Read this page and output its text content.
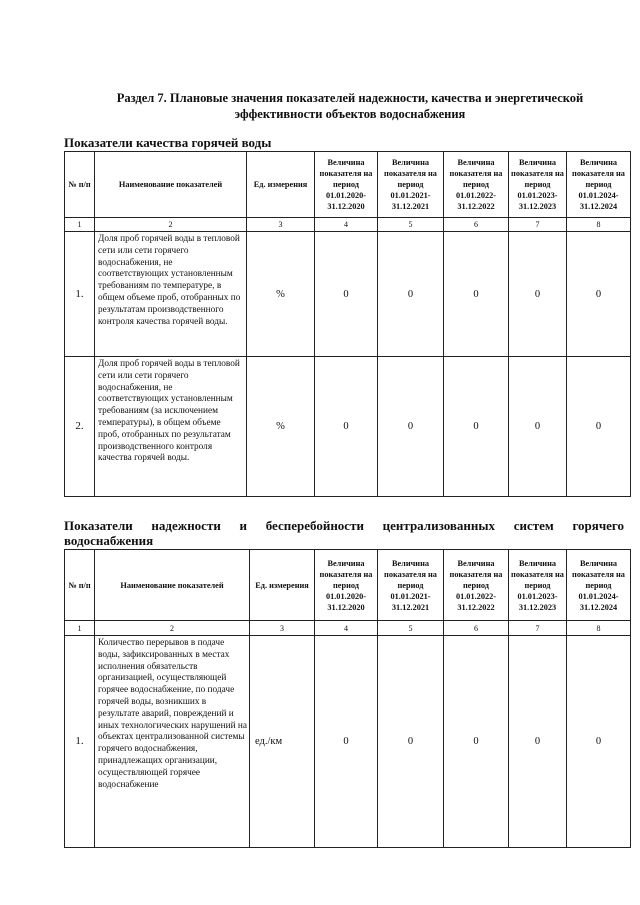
Раздел 7. Плановые значения показателей надежности, качества и энергетической
эффективности объектов водоснабжения
Показатели качества горячей воды
№ п/п	Наименование показателей	Ед. измерения	Величина показателя на период 01.01.2020-31.12.2020	Величина показателя на период 01.01.2021-31.12.2021	Величина показателя на период 01.01.2022-31.12.2022	Величина показателя на период 01.01.2023-31.12.2023	Величина показателя на период 01.01.2024-31.12.2024
1	2	3	4	5	6	7	8
1.	Доля проб горячей воды в тепловой сети или сети горячего водоснабжения, не соответствующих установленным требованиям по температуре, в общем объеме проб, отобранных по результатам производственного контроля качества горячей воды.	%	0	0	0	0	0
2.	Доля проб горячей воды в тепловой сети или сети горячего водоснабжения, не соответствующих установленным требованиям (за исключением температуры), в общем объеме проб, отобранных по результатам производственного контроля качества горячей воды.	%	0	0	0	0	0
Показатели надежности и бесперебойности централизованных систем горячего
водоснабжения
№ п/п	Наименование показателей	Ед. измерения	Величина показателя на период 01.01.2020-31.12.2020	Величина показателя на период 01.01.2021-31.12.2021	Величина показателя на период 01.01.2022-31.12.2022	Величина показателя на период 01.01.2023-31.12.2023	Величина показателя на период 01.01.2024-31.12.2024
1	2	3	4	5	6	7	8
1.	Количество перерывов в подаче воды, зафиксированных в местах исполнения обязательств организацией, осуществляющей горячее водоснабжение, по подаче горячей воды, возникших в результате аварий, повреждений и иных технологических нарушений на объектах централизованной системы горячего водоснабжения, принадлежащих организации, осуществляющей горячее водоснабжение	ед./км	0	0	0	0	0
